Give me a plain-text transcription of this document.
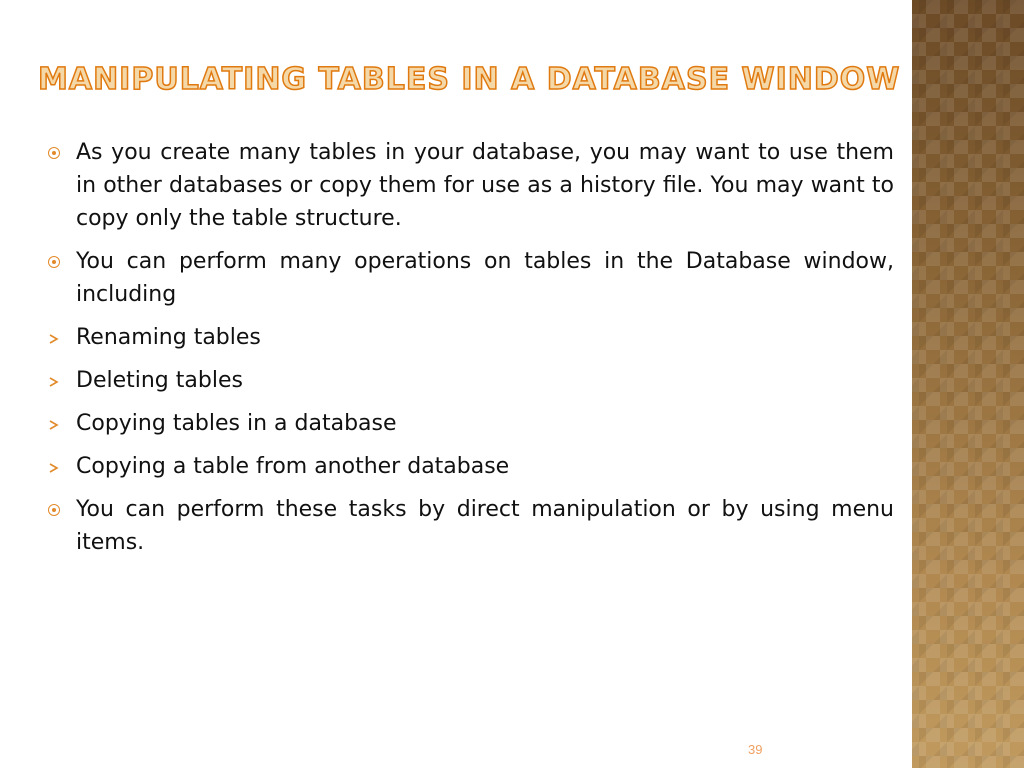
MANIPULATING TABLES IN A DATABASE WINDOW
As you create many tables in your database, you may want to use them in other databases or copy them for use as a history file. You may want to copy only the table structure.
You can perform many operations on tables in the Database window, including
Renaming tables
Deleting tables
Copying tables in a database
Copying a table from another database
You can perform these tasks by direct manipulation or by using menu items.
39
